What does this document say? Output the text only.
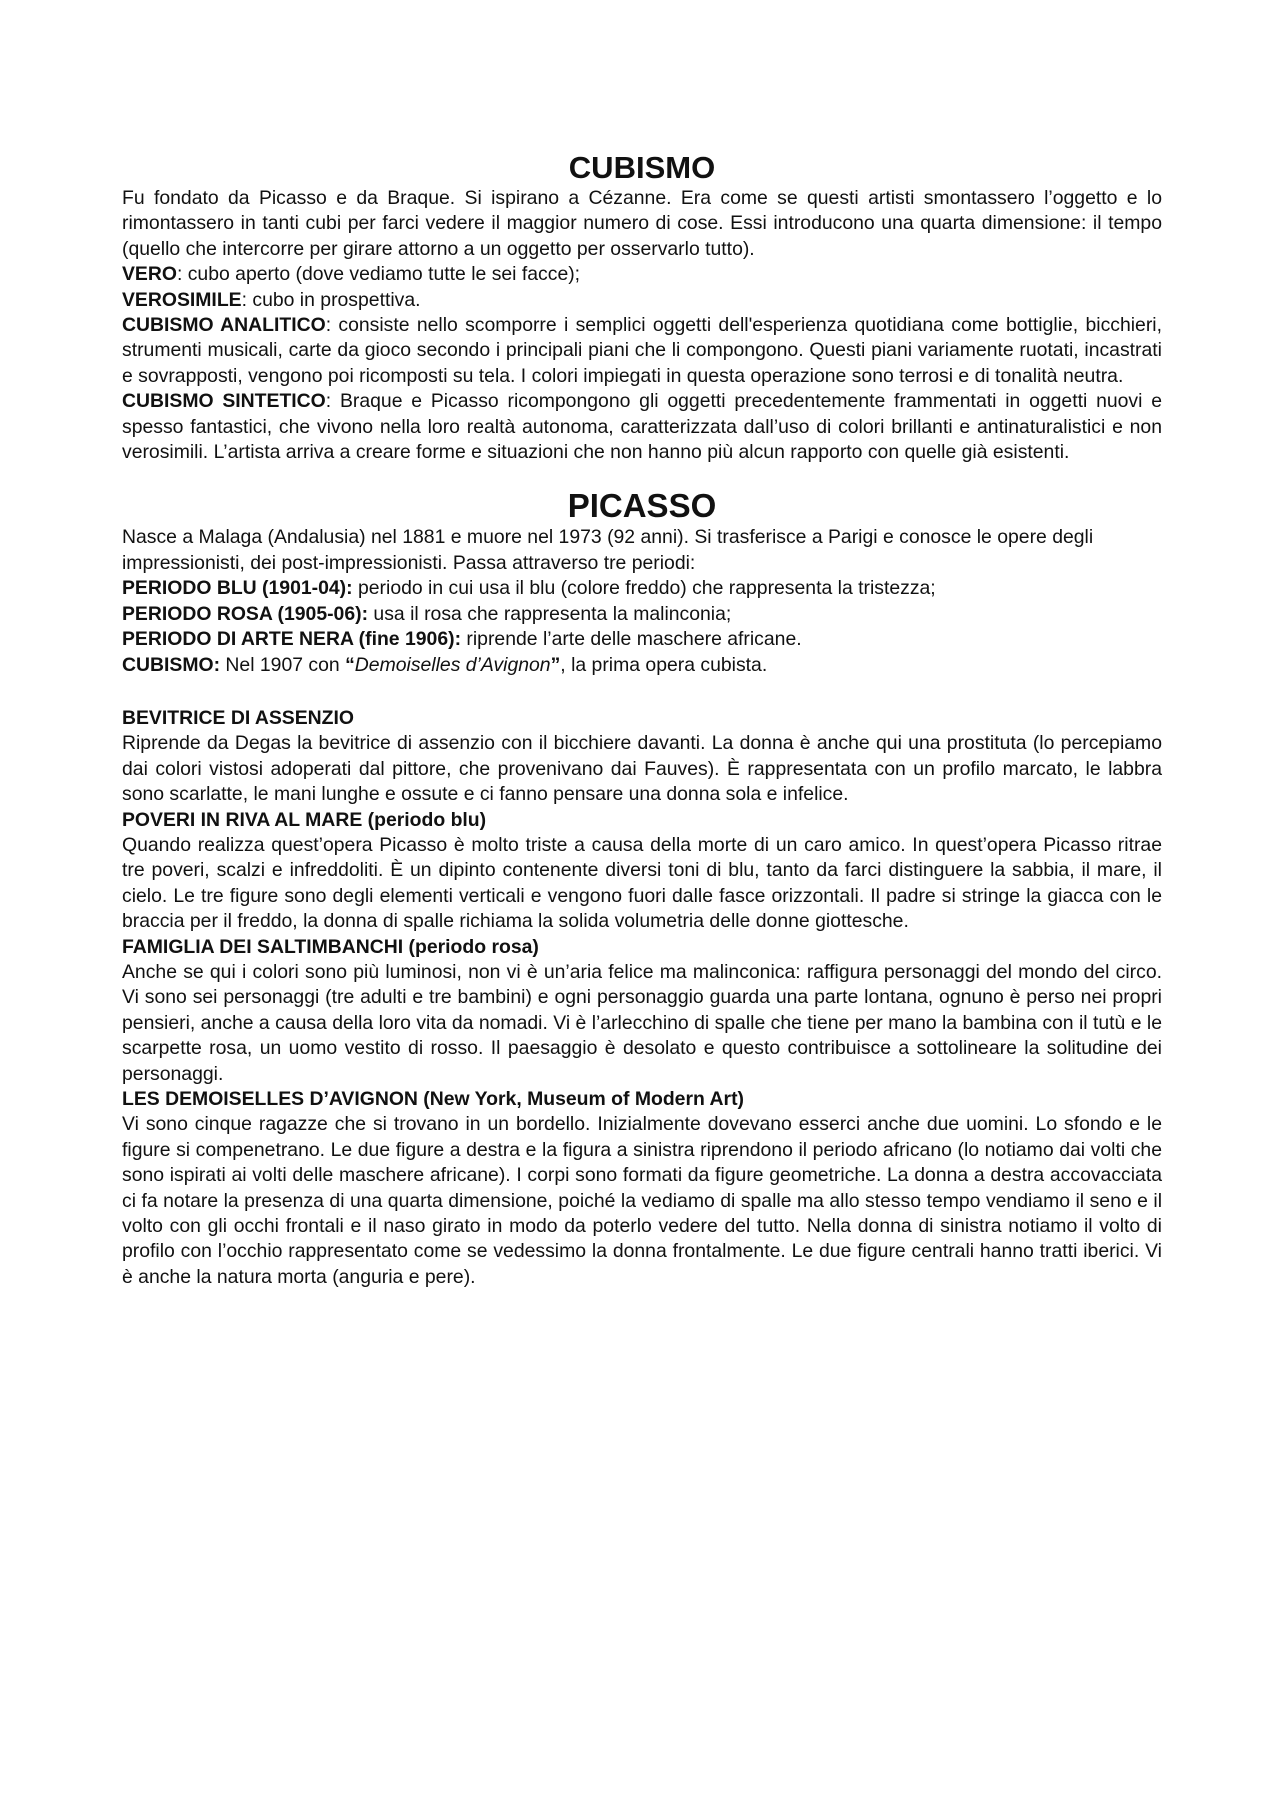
CUBISMO

Fu fondato da Picasso e da Braque. Si ispirano a Cézanne. Era come se questi artisti smontassero l’oggetto e lo rimontassero in tanti cubi per farci vedere il maggior numero di cose. Essi introducono una quarta dimensione: il tempo (quello che intercorre per girare attorno a un oggetto per osservarlo tutto).

VERO: cubo aperto (dove vediamo tutte le sei facce);

VEROSIMILE: cubo in prospettiva.

CUBISMO ANALITICO: consiste nello scomporre i semplici oggetti dell'esperienza quotidiana come bottiglie, bicchieri, strumenti musicali, carte da gioco secondo i principali piani che li compongono. Questi piani variamente ruotati, incastrati e sovrapposti, vengono poi ricomposti su tela. I colori impiegati in questa operazione sono terrosi e di tonalità neutra.

CUBISMO SINTETICO: Braque e Picasso ricompongono gli oggetti precedentemente frammentati in oggetti nuovi e spesso fantastici, che vivono nella loro realtà autonoma, caratterizzata dall’uso di colori brillanti e antinaturalistici e non verosimili. L’artista arriva a creare forme e situazioni che non hanno più alcun rapporto con quelle già esistenti.

PICASSO

Nasce a Malaga (Andalusia) nel 1881 e muore nel 1973 (92 anni). Si trasferisce a Parigi e conosce le opere degli impressionisti, dei post-impressionisti. Passa attraverso tre periodi:

PERIODO BLU (1901-04): periodo in cui usa il blu (colore freddo) che rappresenta la tristezza;

PERIODO ROSA (1905-06): usa il rosa che rappresenta la malinconia;

PERIODO DI ARTE NERA (fine 1906): riprende l’arte delle maschere africane.

CUBISMO: Nel 1907 con “Demoiselles d’Avignon”, la prima opera cubista.

BEVITRICE DI ASSENZIO

Riprende da Degas la bevitrice di assenzio con il bicchiere davanti. La donna è anche qui una prostituta (lo percepiamo dai colori vistosi adoperati dal pittore, che provenivano dai Fauves). È rappresentata con un profilo marcato, le labbra sono scarlatte, le mani lunghe e ossute e ci fanno pensare una donna sola e infelice.

POVERI IN RIVA AL MARE (periodo blu)

Quando realizza quest’opera Picasso è molto triste a causa della morte di un caro amico. In quest’opera Picasso ritrae tre poveri, scalzi e infreddoliti. È un dipinto contenente diversi toni di blu, tanto da farci distinguere la sabbia, il mare, il cielo. Le tre figure sono degli elementi verticali e vengono fuori dalle fasce orizzontali. Il padre si stringe la giacca con le braccia per il freddo, la donna di spalle richiama la solida volumetria delle donne giottesche.

FAMIGLIA DEI SALTIMBANCHI (periodo rosa)

Anche se qui i colori sono più luminosi, non vi è un’aria felice ma malinconica: raffigura personaggi del mondo del circo. Vi sono sei personaggi (tre adulti e tre bambini) e ogni personaggio guarda una parte lontana, ognuno è perso nei propri pensieri, anche a causa della loro vita da nomadi. Vi è l’arlecchino di spalle che tiene per mano la bambina con il tutù e le scarpette rosa, un uomo vestito di rosso. Il paesaggio è desolato e questo contribuisce a sottolineare la solitudine dei personaggi.

LES DEMOISELLES D’AVIGNON (New York, Museum of Modern Art)

Vi sono cinque ragazze che si trovano in un bordello. Inizialmente dovevano esserci anche due uomini. Lo sfondo e le figure si compenetrano. Le due figure a destra e la figura a sinistra riprendono il periodo africano (lo notiamo dai volti che sono ispirati ai volti delle maschere africane). I corpi sono formati da figure geometriche. La donna a destra accovacciata ci fa notare la presenza di una quarta dimensione, poiché la vediamo di spalle ma allo stesso tempo vendiamo il seno e il volto con gli occhi frontali e il naso girato in modo da poterlo vedere del tutto. Nella donna di sinistra notiamo il volto di profilo con l’occhio rappresentato come se vedessimo la donna frontalmente. Le due figure centrali hanno tratti iberici. Vi è anche la natura morta (anguria e pere).
